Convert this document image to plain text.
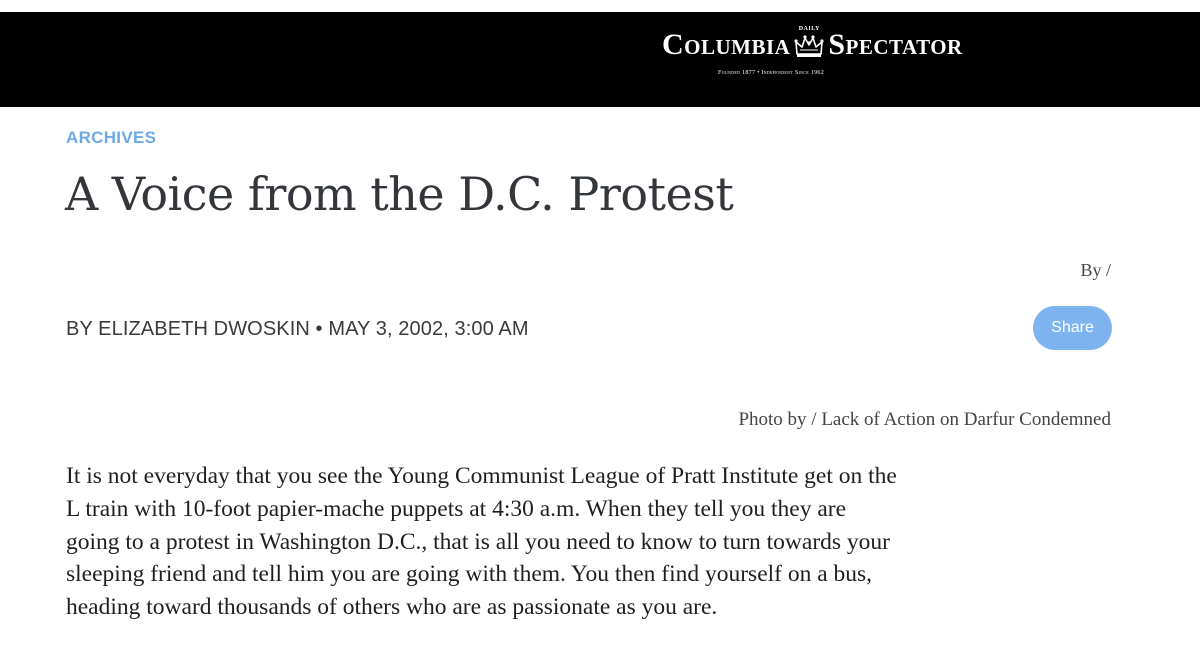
Columbia	DAILY Spectator
Founded 1877 • Independent Since 1962
ARCHIVES
A Voice from the D.C. Protest
By /
BY ELIZABETH DWOSKIN • MAY 3, 2002, 3:00 AM	Share
Photo by / Lack of Action on Darfur Condemned

It is not everyday that you see the Young Communist League of Pratt Institute get on the
L train with 10-foot papier-mache puppets at 4:30 a.m. When they tell you they are
going to a protest in Washington D.C., that is all you need to know to turn towards your
sleeping friend and tell him you are going with them. You then find yourself on a bus,
heading toward thousands of others who are as passionate as you are.
